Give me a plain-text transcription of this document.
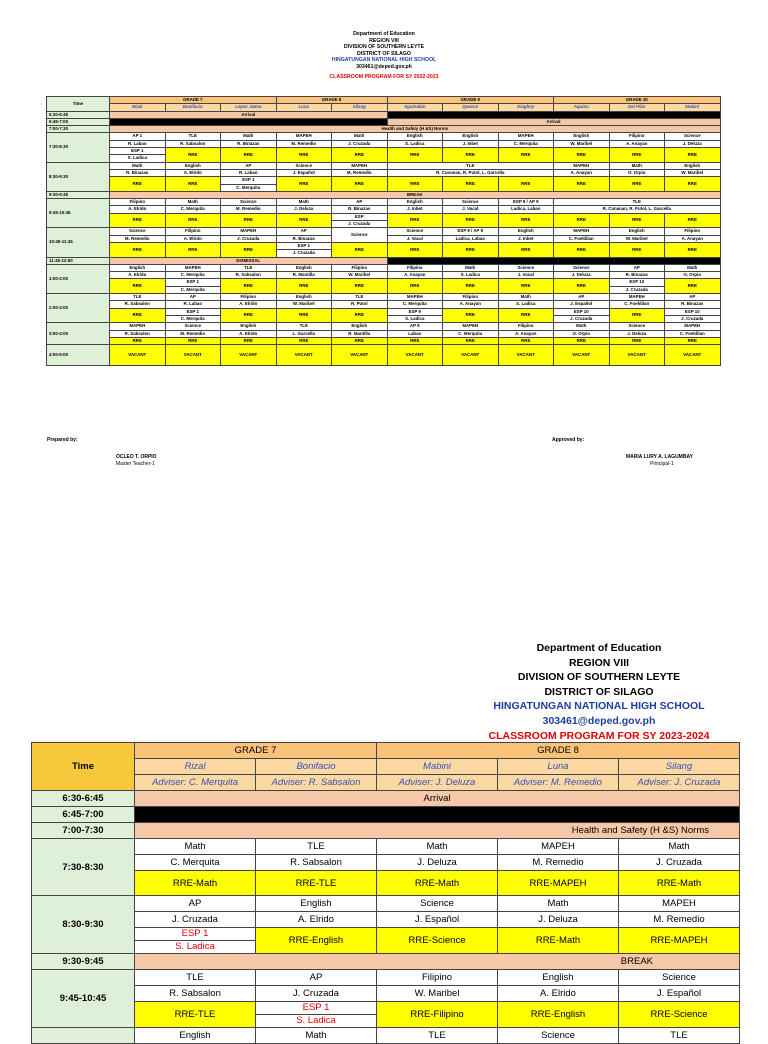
Department of Education
REGION VIII
DIVISION OF SOUTHERN LEYTE
DISTRICT OF SILAGO
HINGATUNGAN NATIONAL HIGH SCHOOL
303461@deped.gov.ph
CLASSROOM PROGRAM FOR SY 2022-2023
Time	GRADE 7			GRADE 8		GRADE 9			GRADE 10		
	Rizal	Bonifacio	Lopez Jaena	Luna	Silang	Aguinaldo	Quezon	Diaghoy	Aquino	Del Pilar	Mabini
6:30-6:45	Arrival										
6:45-7:00						Arrival					
7:00-7:30	Health and Safety (H &S) Norms										
7:30-8:30	AP 1	TLE	Math	MAPEH	Math	English	English	MAPEH	English	Filipino	Science
	R. Labao	R. Sabsalon	R. Binazas	M. Remedio	J. Cruzada	S. Ladica	J. Inbet	C. Merquita	W. Maribel	A. Anayan	J. Deluza
	ESP 1	RRE	RRE	RRE	RRE	RRE	RRE	RRE	RRE	RRE	RRE
	S. Ladica										
8:30-9:30	Math	English	AP	Science	MAPEH	TLE			MAPEH	Math	English
	R. Binazas	A. Elrido	R. Labao	J. Español	M. Remedio	R. Cunanan, R. Putol, L. Garcella			A. Anayan	O. Orpio	W. Maribel
	RRE	RRE	ESP 1	RRE	RRE	RRE	RRE	RRE	RRE	RRE	RRE
			C. Merquita								
9:30-9:45	BREAK										
9:45-10:45	Filipino	Math	Science	Math	AP	English	Science	ESP 9 / AP 9	TLE		
	A. Elrido	C. Merquita	M. Remedio	J. Deluza	R. Binazas	J. Inbet	J. Vacal	Ladica, Labao	R. Cunanan, R. Putol, L. Garcella		
	RRE	RRE	RRE	RRE	ESP	RRE	RRE	RRE	RRE	RRE	RRE
					J. Cruzada						
10:45-11:45	Science	Filipino	MAPEH	AP	Science	Science	ESP 9 / AP 9	English	MAPEH	English	Filipino
	M. Remedio	A. Elrido	J. Cruzada	R. Binazas		J. Vacal	Ladica, Labao	J. Inbet	C. Foeldilan	W. Maribel	A. Anayan
	RRE	RRE	RRE	ESP 1	RRE	RRE	RRE	RRE	RRE	RRE	RRE
				J. Cruzada							
11:45-12:50	DISMISSAL										
1:00-2:00	English	MAPEH	TLE	English	Filipino	Filipino	Math	Science	Science	AP	Math
	A. Elrido	C. Merquita	R. Sabsalon	R. Mantilla	W. Maribel	A. Anayan	S. Ladica	J. Vacal	J. Deluza	R. Binazas	O. Orpio
	RRE	ESP 1	RRE	RRE	RRE	RRE	RRE	RRE	RRE	ESP 10	RRE
		C. Merquita								J. Cruzada	
2:00-3:00	TLE	AP	Filipino	English	TLE	MAPEH	Filipino	Math	AP	MAPEH	AP
	R. Sabsalon	R. Labao	A. Elrido	W. Maribel	R. Putol	C. Merquita	A. Anayan	S. Ladica	J. Español	C. Foeldilan	R. Binazas
	RRE	ESP 1	RRE	RRE	RRE	ESP 9	RRE	RRE	ESP 10	RRE	ESP 10
		C. Merquita				S. Ladica			J. Cruzada		J. Cruzada
3:00-4:00	MAPEH	Science	English	TLE	English	AP 9	MAPEH	Filipino	Math	Science	MAPEH
	R. Sabsalon	M. Remedio	A. Elrido	L. Garcella	R. Mantilla	Labao	C. Merquita	A. Anayan	O. Orpio	J. Deluza	C. Foeldilan
	RRE	RRE	RRE	RRE	RRE	RRE	RRE	RRE	RRE	RRE	RRE

4:00-5:00	VACANT	VACANT	VACANT	VACANT	VACANT	VACANT	VACANT	VACANT	VACANT	VACANT	VACANT
Prepared by:	Approved by:
OCLEO T. ORPIO
Master Teacher-1
MARIA LURY A. LAGUMBAY
Principal-1
Department of Education
REGION VIII
DIVISION OF SOUTHERN LEYTE
DISTRICT OF SILAGO
HINGATUNGAN NATIONAL HIGH SCHOOL
303461@deped.gov.ph
CLASSROOM PROGRAM FOR SY 2023-2024
Time	GRADE 7		GRADE 8		
	Rizal	Bonifacio	Mabini	Luna	Silang
	Adviser: C. Merquita	Adviser: R. Sabsalon	Adviser: J. Deluza	Adviser: M. Remedio	Adviser: J. Cruzada
6:30-6:45	Arrival				
6:45-7:00					
7:00-7:30	Health and Safety (H &S) Norms				
7:30-8:30	Math	TLE	Math	MAPEH	Math
	C. Merquita	R. Sabsalon	J. Deluza	M. Remedio	J. Cruzada
	RRE-Math	RRE-TLE	RRE-Math	RRE-MAPEH	RRE-Math
8:30-9:30	AP	English	Science	Math	MAPEH
	J. Cruzada	A. Elrido	J. Español	J. Deluza	M. Remedio
	ESP 1	RRE-English	RRE-Science	RRE-Math	RRE-MAPEH
	S. Ladica				
9:30-9:45	BREAK				
9:45-10:45	TLE	AP	Filipino	English	Science
	R. Sabsalon	J. Cruzada	W. Maribel	A. Elrido	J. Español
	RRE-TLE	ESP 1	RRE-Filipino	RRE-English	RRE-Science
		S. Ladica			
	English	Math	TLE	Science	TLE
